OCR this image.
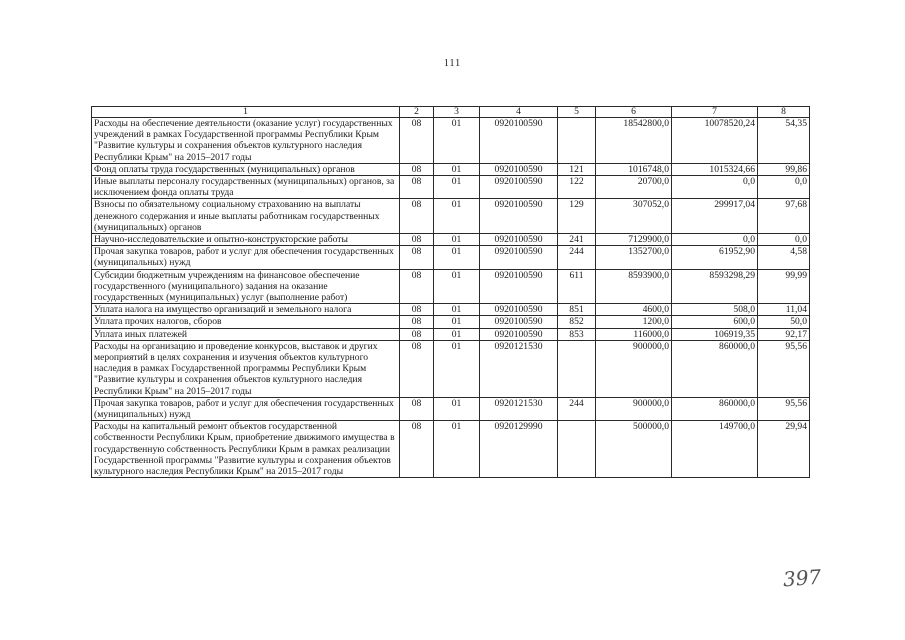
111
1	2	3	4	5	6	7	8
Расходы на обеспечение деятельности (оказание услуг) государственных учреждений в рамках Государственной программы Республики Крым "Развитие культуры и сохранения объектов культурного наследия Республики Крым" на 2015–2017 годы	08	01	0920100590		18542800,0	10078520,24	54,35
Фонд оплаты труда государственных (муниципальных) органов	08	01	0920100590	121	1016748,0	1015324,66	99,86
Иные выплаты персоналу государственных (муниципальных) органов, за исключением фонда оплаты труда	08	01	0920100590	122	20700,0	0,0	0,0
Взносы по обязательному социальному страхованию на выплаты денежного содержания и иные выплаты работникам государственных (муниципальных) органов	08	01	0920100590	129	307052,0	299917,04	97,68
Научно-исследовательские и опытно-конструкторские работы	08	01	0920100590	241	7129900,0	0,0	0,0
Прочая закупка товаров, работ и услуг для обеспечения государственных (муниципальных) нужд	08	01	0920100590	244	1352700,0	61952,90	4,58
Субсидии бюджетным учреждениям на финансовое обеспечение государственного (муниципального) задания на оказание государственных (муниципальных) услуг (выполнение работ)	08	01	0920100590	611	8593900,0	8593298,29	99,99
Уплата налога на имущество организаций и земельного налога	08	01	0920100590	851	4600,0	508,0	11,04
Уплата прочих налогов, сборов	08	01	0920100590	852	1200,0	600,0	50,0
Уплата иных платежей	08	01	0920100590	853	116000,0	106919,35	92,17
Расходы на организацию и проведение конкурсов, выставок и других мероприятий в целях сохранения и изучения объектов культурного наследия в рамках Государственной программы Республики Крым "Развитие культуры и сохранения объектов культурного наследия Республики Крым" на 2015–2017 годы	08	01	0920121530		900000,0	860000,0	95,56
Прочая закупка товаров, работ и услуг для обеспечения государственных (муниципальных) нужд	08	01	0920121530	244	900000,0	860000,0	95,56
Расходы на капитальный ремонт объектов государственной собственности Республики Крым, приобретение движимого имущества в государственную собственность Республики Крым в рамках реализации Государственной программы "Развитие культуры и сохранения объектов культурного наследия Республики Крым" на 2015–2017 годы	08	01	0920129990		500000,0	149700,0	29,94
397
